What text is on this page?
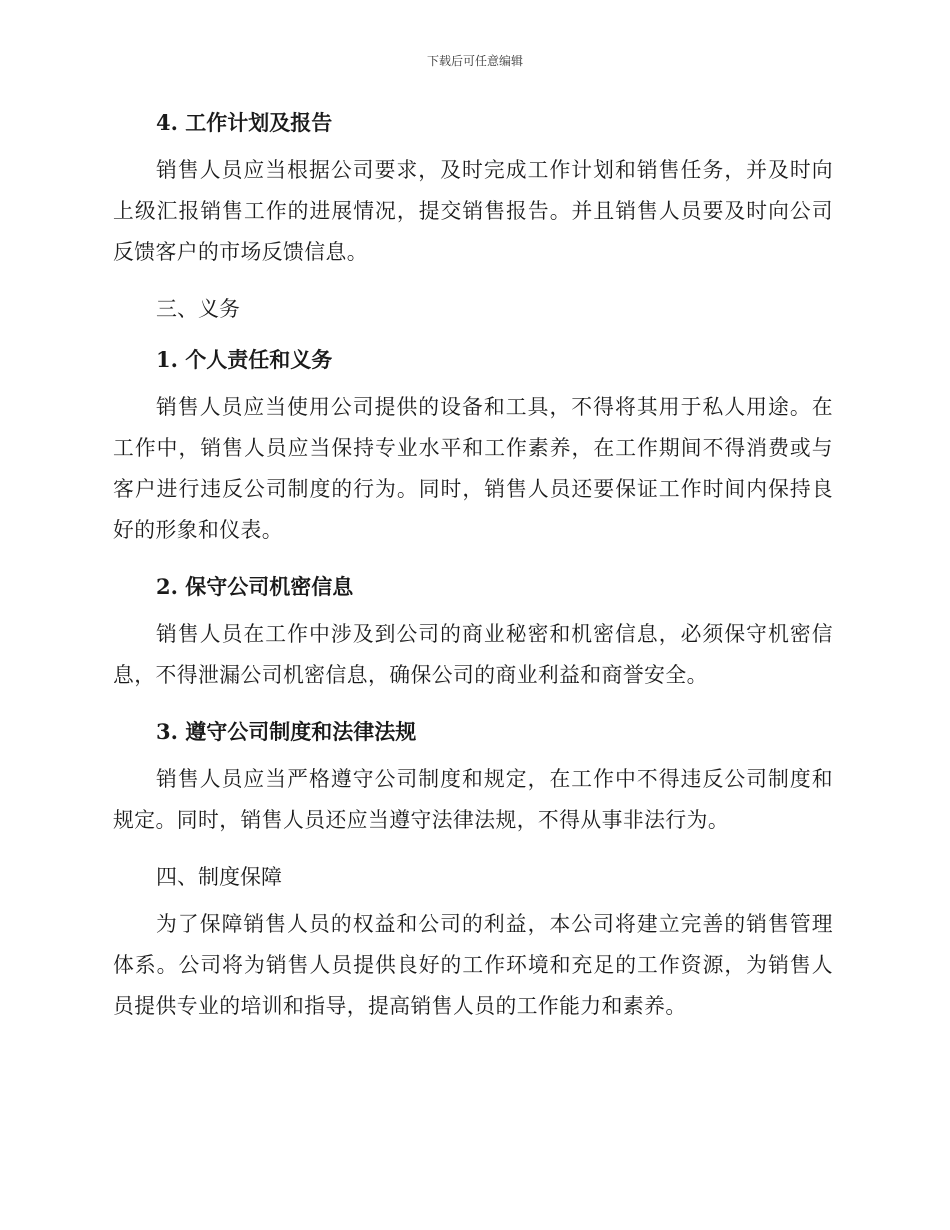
下载后可任意编辑
4. 工作计划及报告

销售人员应当根据公司要求，及时完成工作计划和销售任务，并及时向上级汇报销售工作的进展情况，提交销售报告。并且销售人员要及时向公司反馈客户的市场反馈信息。

三、义务
1. 个人责任和义务

销售人员应当使用公司提供的设备和工具，不得将其用于私人用途。在工作中，销售人员应当保持专业水平和工作素养，在工作期间不得消费或与客户进行违反公司制度的行为。同时，销售人员还要保证工作时间内保持良好的形象和仪表。

2. 保守公司机密信息

销售人员在工作中涉及到公司的商业秘密和机密信息，必须保守机密信息，不得泄漏公司机密信息，确保公司的商业利益和商誉安全。

3. 遵守公司制度和法律法规

销售人员应当严格遵守公司制度和规定，在工作中不得违反公司制度和规定。同时，销售人员还应当遵守法律法规，不得从事非法行为。

四、制度保障

为了保障销售人员的权益和公司的利益，本公司将建立完善的销售管理体系。公司将为销售人员提供良好的工作环境和充足的工作资源，为销售人员提供专业的培训和指导，提高销售人员的工作能力和素养。
